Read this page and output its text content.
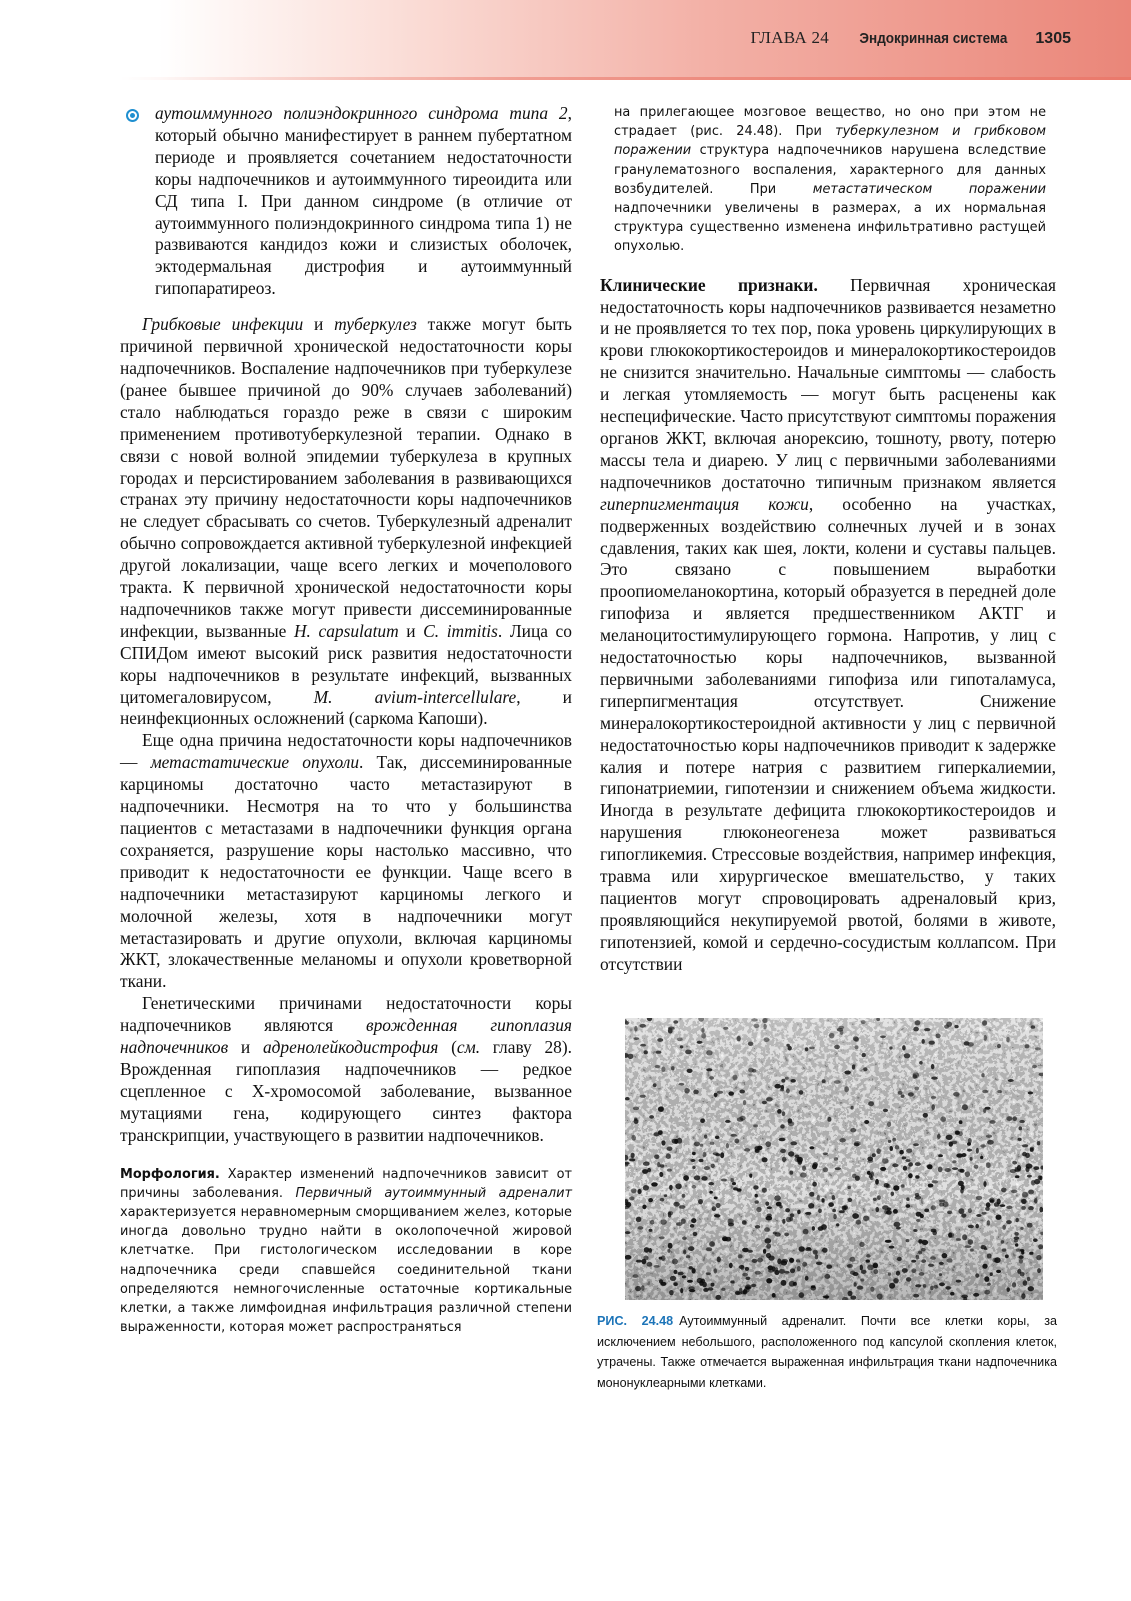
ГЛАВА 24 Эндокринная система 1305

аутоиммунного полиэндокринного синдрома типа 2, который обычно манифестирует в раннем пубертатном периоде и проявляется сочетанием недостаточности коры надпочечников и аутоиммунного тиреоидита или СД типа I. При данном синдроме (в отличие от аутоиммунного полиэндокринного синдрома типа 1) не развиваются кандидоз кожи и слизистых оболочек, эктодермальная дистрофия и аутоиммунный гипопаратиреоз.

Грибковые инфекции и туберкулез также могут быть причиной первичной хронической недостаточности коры надпочечников. Воспаление надпочечников при туберкулезе (ранее бывшее причиной до 90% случаев заболеваний) стало наблюдаться гораздо реже в связи с широким применением противотуберкулезной терапии. Однако в связи с новой волной эпидемии туберкулеза в крупных городах и персистированием заболевания в развивающихся странах эту причину недостаточности коры надпочечников не следует сбрасывать со счетов. Туберкулезный адреналит обычно сопровождается активной туберкулезной инфекцией другой локализации, чаще всего легких и мочеполового тракта. К первичной хронической недостаточности коры надпочечников также могут привести диссеминированные инфекции, вызванные H. capsulatum и C. immitis. Лица со СПИДом имеют высокий риск развития недостаточности коры надпочечников в результате инфекций, вызванных цитомегаловирусом, M. avium-intercellulare, и неинфекционных осложнений (саркома Капоши).

Еще одна причина недостаточности коры надпочечников — метастатические опухоли. Так, диссеминированные карциномы достаточно часто метастазируют в надпочечники. Несмотря на то что у большинства пациентов с метастазами в надпочечники функция органа сохраняется, разрушение коры настолько массивно, что приводит к недостаточности ее функции. Чаще всего в надпочечники метастазируют карциномы легкого и молочной железы, хотя в надпочечники могут метастазировать и другие опухоли, включая карциномы ЖКТ, злокачественные меланомы и опухоли кроветворной ткани.

Генетическими причинами недостаточности коры надпочечников являются врожденная гипоплазия надпочечников и адренолейкодистрофия (см. главу 28). Врожденная гипоплазия надпочечников — редкое сцепленное с X-хромосомой заболевание, вызванное мутациями гена, кодирующего синтез фактора транскрипции, участвующего в развитии надпочечников.

Морфология. Характер изменений надпочечников зависит от причины заболевания. Первичный аутоиммунный адреналит характеризуется неравномерным сморщиванием желез, которые иногда довольно трудно найти в околопочечной жировой клетчатке. При гистологическом исследовании в коре надпочечника среди спавшейся соединительной ткани определяются немногочисленные остаточные кортикальные клетки, а также лимфоидная инфильтрация различной степени выраженности, которая может распространяться

на прилегающее мозговое вещество, но оно при этом не страдает (рис. 24.48). При туберкулезном и грибковом поражении структура надпочечников нарушена вследствие гранулематозного воспаления, характерного для данных возбудителей. При метастатическом поражении надпочечники увеличены в размерах, а их нормальная структура существенно изменена инфильтративно растущей опухолью.

Клинические признаки. Первичная хроническая недостаточность коры надпочечников развивается незаметно и не проявляется то тех пор, пока уровень циркулирующих в крови глюкокортикостероидов и минералокортикостероидов не снизится значительно. Начальные симптомы — слабость и легкая утомляемость — могут быть расценены как неспецифические. Часто присутствуют симптомы поражения органов ЖКТ, включая анорексию, тошноту, рвоту, потерю массы тела и диарею. У лиц с первичными заболеваниями надпочечников достаточно типичным признаком является гиперпигментация кожи, особенно на участках, подверженных воздействию солнечных лучей и в зонах сдавления, таких как шея, локти, колени и суставы пальцев. Это связано с повышением выработки проопиомеланокортина, который образуется в передней доле гипофиза и является предшественником АКТГ и меланоцитостимулирующего гормона. Напротив, у лиц с недостаточностью коры надпочечников, вызванной первичными заболеваниями гипофиза или гипоталамуса, гиперпигментация отсутствует. Снижение минералокортикостероидной активности у лиц с первичной недостаточностью коры надпочечников приводит к задержке калия и потере натрия с развитием гиперкалиемии, гипонатриемии, гипотензии и снижением объема жидкости. Иногда в результате дефицита глюкокортикостероидов и нарушения глюконеогенеза может развиваться гипогликемия. Стрессовые воздействия, например инфекция, травма или хирургическое вмешательство, у таких пациентов могут спровоцировать адреналовый криз, проявляющийся некупируемой рвотой, болями в животе, гипотензией, комой и сердечно-сосудистым коллапсом. При отсутствии

РИС. 24.48 Аутоиммунный адреналит. Почти все клетки коры, за исключением небольшого, расположенного под капсулой скопления клеток, утрачены. Также отмечается выраженная инфильтрация ткани надпочечника мононуклеарными клетками.
